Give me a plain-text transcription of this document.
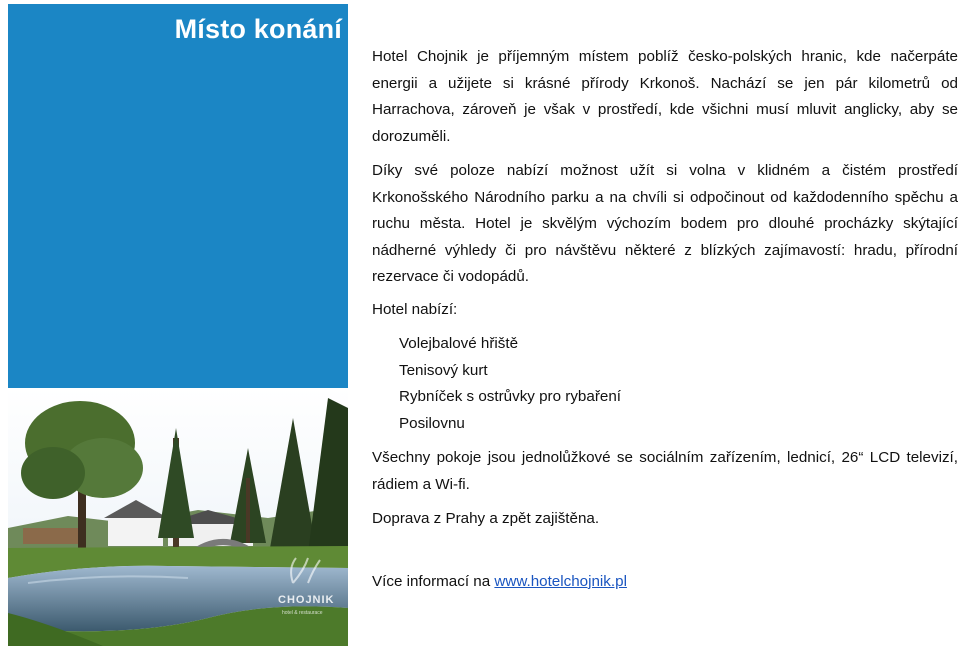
Místo konání
CHOJNIK
hotel & restaurace

Hotel Chojnik je příjemným místem poblíž česko-polských hranic, kde načerpáte energii a užijete si krásné přírody Krkonoš. Nachází se jen pár kilometrů od Harrachova, zároveň je však v prostředí, kde všichni musí mluvit anglicky, aby se dorozuměli.

Díky své poloze nabízí možnost užít si volna v klidném a čistém prostředí Krkonošského Národního parku a na chvíli si odpočinout od každodenního spěchu a ruchu města. Hotel je skvělým výchozím bodem pro dlouhé procházky skýtající nádherné výhledy či pro návštěvu některé z blízkých zajímavostí: hradu, přírodní rezervace či vodopádů.

Hotel nabízí:

Volejbalové hřiště
Tenisový kurt
Rybníček s ostrůvky pro rybaření
Posilovnu

Všechny pokoje jsou jednolůžkové se sociálním zařízením, lednicí, 26“ LCD televizí, rádiem a Wi-fi.

Doprava z Prahy a zpět zajištěna.

Více informací na www.hotelchojnik.pl
